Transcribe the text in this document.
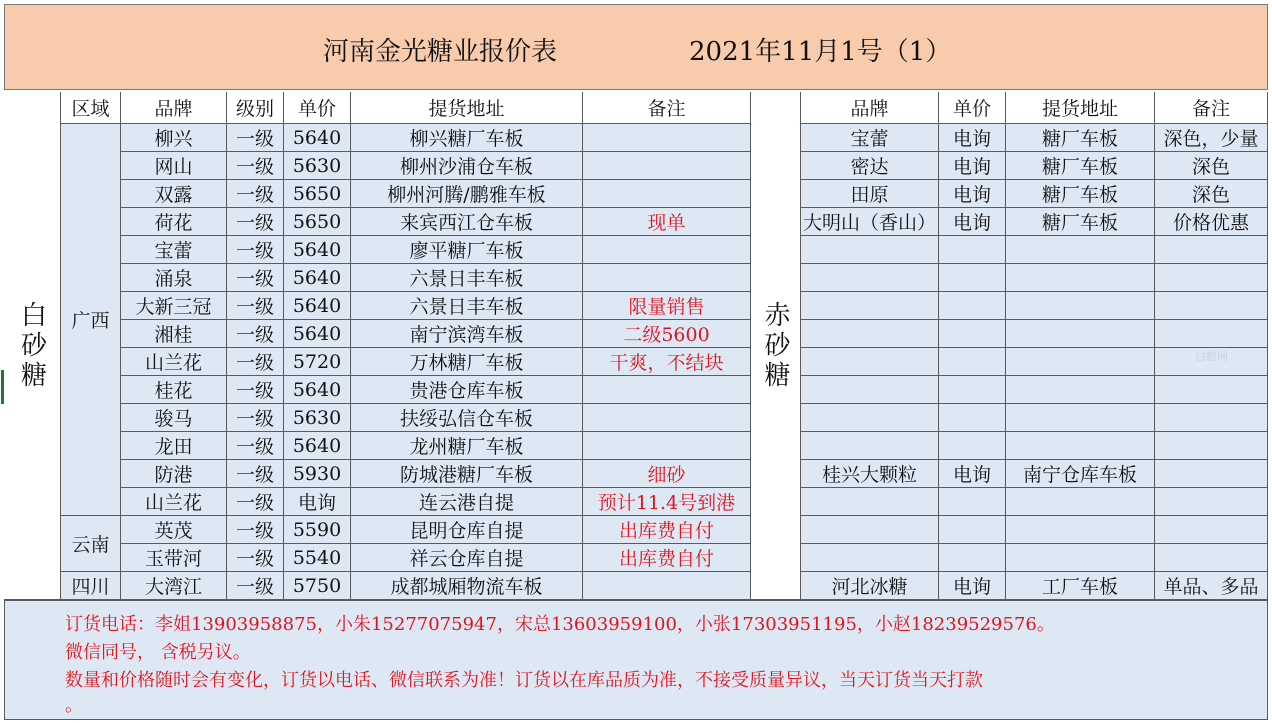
河南金光糖业报价表	2021年11月1号（1）
白砂糖
区域	品牌	级别	单价	提货地址	备注
广西
柳兴	一级 5640	柳兴糖厂车板
网山	一级 5630	柳州沙浦仓车板
双露	一级 5650	柳州河腾/鹏雅车板
荷花	一级 5650	来宾西江仓车板	现单
宝蕾	一级 5640	廖平糖厂车板
涌泉	一级 5640	六景日丰车板
大新三冠	一级 5640	六景日丰车板	限量销售
湘桂	一级 5640	南宁滨湾车板	二级5600
山兰花	一级 5720	万林糖厂车板	干爽，不结块
桂花	一级 5640	贵港仓库车板
骏马	一级 5630	扶绥弘信仓车板
龙田	一级 5640	龙州糖厂车板
防港	一级 5930	防城港糖厂车板	细砂
山兰花	一级	电询	连云港自提	预计11.4号到港
云南
英茂	一级 5590	昆明仓库自提	出库费自付
玉带河	一级 5540	祥云仓库自提	出库费自付
四川	大湾江	一级 5750	成都城厢物流车板
赤砂糖
品牌	单价	提货地址	备注
宝蕾	电询	糖厂车板	深色，少量
密达	电询	糖厂车板	深色
田原	电询	糖厂车板	深色
大明山（香山） 电询	糖厂车板	价格优惠
桂兴大颗粒	电询	南宁仓库车板
河北冰糖	电询	工厂车板	单品、多品
订货电话：李姐13903958875，小朱15277075947，宋总13603959100，小张17303951195，小赵18239529576。
微信同号， 含税另议。
数量和价格随时会有变化，订货以电话、微信联系为准！订货以在库品质为准，不接受质量异议，当天订货当天打款
。
白糖网
